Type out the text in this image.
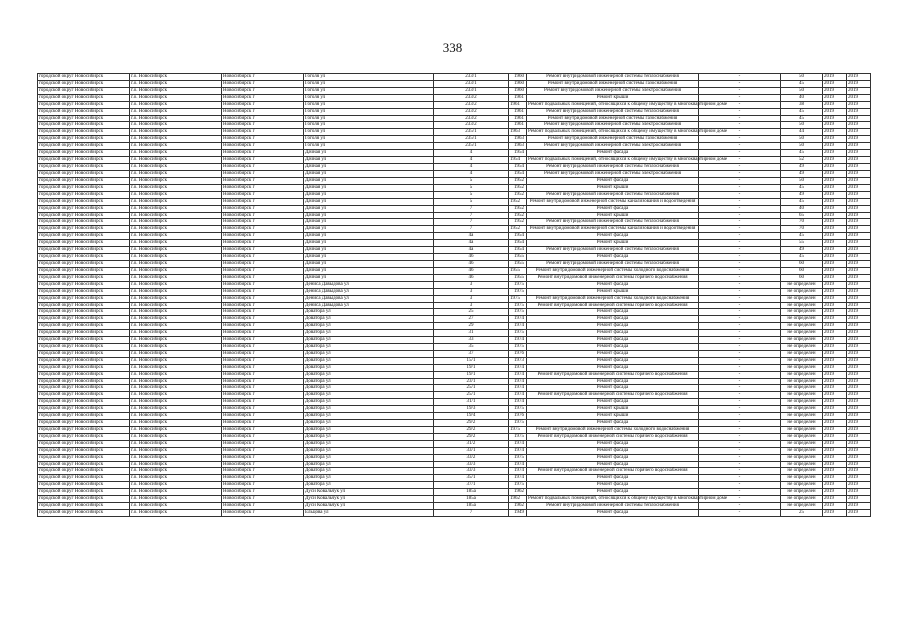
338
городской округ Новосибирск	г.о. Новосибирск	Новосибирск г	Гоголя ул	233/1	1960	Ремонт внутридомовой инженерной системы теплоснабжения	-	50	2019	2019
городской округ Новосибирск	г.о. Новосибирск	Новосибирск г	Гоголя ул	233/1	1960	Ремонт внутридомовой инженерной системы газоснабжения	-	45	2019	2019
городской округ Новосибирск	г.о. Новосибирск	Новосибирск г	Гоголя ул	233/1	1960	Ремонт внутридомовой инженерной системы электроснабжения	-	50	2019	2019
городской округ Новосибирск	г.о. Новосибирск	Новосибирск г	Гоголя ул	233/2	1961	Ремонт крыши	-	40	2019	2019
городской округ Новосибирск	г.о. Новосибирск	Новосибирск г	Гоголя ул	233/2	1961	Ремонт подвальных помещений, относящихся к общему имуществу в многоквартирном доме	-	38	2019	2019
городской округ Новосибирск	г.о. Новосибирск	Новосибирск г	Гоголя ул	233/2	1961	Ремонт внутридомовой инженерной системы теплоснабжения	-	45	2019	2019
городской округ Новосибирск	г.о. Новосибирск	Новосибирск г	Гоголя ул	233/2	1961	Ремонт внутридомовой инженерной системы газоснабжения	-	45	2019	2019
городской округ Новосибирск	г.о. Новосибирск	Новосибирск г	Гоголя ул	233/2	1961	Ремонт внутридомовой инженерной системы электроснабжения	-	50	2019	2019
городской округ Новосибирск	г.о. Новосибирск	Новосибирск г	Гоголя ул	235/1	1963	Ремонт подвальных помещений, относящихся к общему имуществу в многоквартирном доме	-	44	2019	2019
городской округ Новосибирск	г.о. Новосибирск	Новосибирск г	Гоголя ул	235/1	1963	Ремонт внутридомовой инженерной системы газоснабжения	-	50	2019	2019
городской округ Новосибирск	г.о. Новосибирск	Новосибирск г	Гоголя ул	235/1	1963	Ремонт внутридомовой инженерной системы электроснабжения	-	50	2019	2019
городской округ Новосибирск	г.о. Новосибирск	Новосибирск г	Дачная ул	4	1954	Ремонт фасада	-	45	2019	2019
городской округ Новосибирск	г.о. Новосибирск	Новосибирск г	Дачная ул	4	1954	Ремонт подвальных помещений, относящихся к общему имуществу в многоквартирном доме	-	52	2019	2019
городской округ Новосибирск	г.о. Новосибирск	Новосибирск г	Дачная ул	4	1954	Ремонт внутридомовой инженерной системы теплоснабжения	-	49	2019	2019
городской округ Новосибирск	г.о. Новосибирск	Новосибирск г	Дачная ул	4	1954	Ремонт внутридомовой инженерной системы электроснабжения	-	49	2019	2019
городской округ Новосибирск	г.о. Новосибирск	Новосибирск г	Дачная ул	5	1952	Ремонт фасада	-	50	2019	2019
городской округ Новосибирск	г.о. Новосибирск	Новосибирск г	Дачная ул	5	1952	Ремонт крыши	-	45	2019	2019
городской округ Новосибирск	г.о. Новосибирск	Новосибирск г	Дачная ул	5	1952	Ремонт внутридомовой инженерной системы теплоснабжения	-	49	2019	2019
городской округ Новосибирск	г.о. Новосибирск	Новосибирск г	Дачная ул	5	1952	Ремонт внутридомовой инженерной системы канализования и водоотведения	-	45	2019	2019
городской округ Новосибирск	г.о. Новосибирск	Новосибирск г	Дачная ул	7	1952	Ремонт фасада	-	40	2019	2019
городской округ Новосибирск	г.о. Новосибирск	Новосибирск г	Дачная ул	7	1952	Ремонт крыши	-	65	2019	2019
городской округ Новосибирск	г.о. Новосибирск	Новосибирск г	Дачная ул	7	1952	Ремонт внутридомовой инженерной системы теплоснабжения	-	70	2019	2019
городской округ Новосибирск	г.о. Новосибирск	Новосибирск г	Дачная ул	7	1952	Ремонт внутридомовой инженерной системы канализования и водоотведения	-	70	2019	2019
городской округ Новосибирск	г.о. Новосибирск	Новосибирск г	Дачная ул	4а	1954	Ремонт фасада	-	45	2019	2019
городской округ Новосибирск	г.о. Новосибирск	Новосибирск г	Дачная ул	4а	1954	Ремонт крыши	-	55	2019	2019
городской округ Новосибирск	г.о. Новосибирск	Новосибирск г	Дачная ул	4а	1954	Ремонт внутридомовой инженерной системы теплоснабжения	-	49	2019	2019
городской округ Новосибирск	г.о. Новосибирск	Новосибирск г	Дачная ул	46	1955	Ремонт фасада	-	45	2019	2019
городской округ Новосибирск	г.о. Новосибирск	Новосибирск г	Дачная ул	46	1955	Ремонт внутридомовой инженерной системы теплоснабжения	-	60	2019	2019
городской округ Новосибирск	г.о. Новосибирск	Новосибирск г	Дачная ул	46	1955	Ремонт внутридомовой инженерной системы холодного водоснабжения	-	60	2019	2019
городской округ Новосибирск	г.о. Новосибирск	Новосибирск г	Дачная ул	46	1955	Ремонт внутридомовой инженерной системы горячего водоснабжения	-	60	2019	2019
городской округ Новосибирск	г.о. Новосибирск	Новосибирск г	Дениса Давыдова ул	3	1975	Ремонт фасада	-	не определен	2019	2019
городской округ Новосибирск	г.о. Новосибирск	Новосибирск г	Дениса Давыдова ул	3	1975	Ремонт крыши	-	не определен	2019	2019
городской округ Новосибирск	г.о. Новосибирск	Новосибирск г	Дениса Давыдова ул	3	1975	Ремонт внутридомовой инженерной системы холодного водоснабжения	-	не определен	2019	2019
городской округ Новосибирск	г.о. Новосибирск	Новосибирск г	Дениса Давыдова ул	3	1975	Ремонт внутридомовой инженерной системы горячего водоснабжения	-	не определен	2019	2019
городской округ Новосибирск	г.о. Новосибирск	Новосибирск г	Доватора ул	25	1975	Ремонт фасада	-	не определен	2019	2019
городской округ Новосибирск	г.о. Новосибирск	Новосибирск г	Доватора ул	27	1974	Ремонт фасада	-	не определен	2019	2019
городской округ Новосибирск	г.о. Новосибирск	Новосибирск г	Доватора ул	29	1974	Ремонт фасада	-	не определен	2019	2019
городской округ Новосибирск	г.о. Новосибирск	Новосибирск г	Доватора ул	31	1975	Ремонт фасада	-	не определен	2019	2019
городской округ Новосибирск	г.о. Новосибирск	Новосибирск г	Доватора ул	33	1974	Ремонт фасада	-	не определен	2019	2019
городской округ Новосибирск	г.о. Новосибирск	Новосибирск г	Доватора ул	35	1975	Ремонт фасада	-	не определен	2019	2019
городской округ Новосибирск	г.о. Новосибирск	Новосибирск г	Доватора ул	37	1976	Ремонт фасада	-	не определен	2019	2019
городской округ Новосибирск	г.о. Новосибирск	Новосибирск г	Доватора ул	15/1	1973	Ремонт фасада	-	не определен	2019	2019
городской округ Новосибирск	г.о. Новосибирск	Новосибирск г	Доватора ул	19/1	1974	Ремонт фасада	-	не определен	2019	2019
городской округ Новосибирск	г.о. Новосибирск	Новосибирск г	Доватора ул	19/1	1974	Ремонт внутридомовой инженерной системы горячего водоснабжения	-	не определен	2019	2019
городской округ Новосибирск	г.о. Новосибирск	Новосибирск г	Доватора ул	23/1	1974	Ремонт фасада	-	не определен	2019	2019
городской округ Новосибирск	г.о. Новосибирск	Новосибирск г	Доватора ул	25/1	1974	Ремонт фасада	-	не определен	2019	2019
городской округ Новосибирск	г.о. Новосибирск	Новосибирск г	Доватора ул	25/1	1974	Ремонт внутридомовой инженерной системы горячего водоснабжения	-	не определен	2019	2019
городской округ Новосибирск	г.о. Новосибирск	Новосибирск г	Доватора ул	31/1	1974	Ремонт фасада	-	не определен	2019	2019
городской округ Новосибирск	г.о. Новосибирск	Новосибирск г	Доватора ул	19/3	1975	Ремонт крыши	-	не определен	2019	2019
городской округ Новосибирск	г.о. Новосибирск	Новосибирск г	Доватора ул	19/4	1976	Ремонт крыши	-	не определен	2019	2019
городской округ Новосибирск	г.о. Новосибирск	Новосибирск г	Доватора ул	29/2	1975	Ремонт фасада	-	не определен	2019	2019
городской округ Новосибирск	г.о. Новосибирск	Новосибирск г	Доватора ул	29/2	1975	Ремонт внутридомовой инженерной системы холодного водоснабжения	-	не определен	2019	2019
городской округ Новосибирск	г.о. Новосибирск	Новосибирск г	Доватора ул	29/2	1975	Ремонт внутридомовой инженерной системы горячего водоснабжения	-	не определен	2019	2019
городской округ Новосибирск	г.о. Новосибирск	Новосибирск г	Доватора ул	31/2	1974	Ремонт фасада	-	не определен	2019	2019
городской округ Новосибирск	г.о. Новосибирск	Новосибирск г	Доватора ул	33/1	1974	Ремонт фасада	-	не определен	2019	2019
городской округ Новосибирск	г.о. Новосибирск	Новосибирск г	Доватора ул	33/2	1975	Ремонт фасада	-	не определен	2019	2019
городской округ Новосибирск	г.о. Новосибирск	Новосибирск г	Доватора ул	33/3	1974	Ремонт фасада	-	не определен	2019	2019
городской округ Новосибирск	г.о. Новосибирск	Новосибирск г	Доватора ул	33/3	1974	Ремонт внутридомовой инженерной системы горячего водоснабжения	-	не определен	2019	2019
городской округ Новосибирск	г.о. Новосибирск	Новосибирск г	Доватора ул	35/1	1974	Ремонт фасада	-	не определен	2019	2019
городской округ Новосибирск	г.о. Новосибирск	Новосибирск г	Доватора ул	37/1	1975	Ремонт фасада	-	не определен	2019	2019
городской округ Новосибирск	г.о. Новосибирск	Новосибирск г	Дуси Ковальчук ул	185а	1962	Ремонт фасада	-	не определен	2019	2019
городской округ Новосибирск	г.о. Новосибирск	Новосибирск г	Дуси Ковальчук ул	185а	1962	Ремонт подвальных помещений, относящихся к общему имуществу в многоквартирном доме	-	не определен	2019	2019
городской округ Новосибирск	г.о. Новосибирск	Новосибирск г	Дуси Ковальчук ул	185а	1962	Ремонт внутридомовой инженерной системы теплоснабжения	-	не определен	2019	2019
городской округ Новосибирск	г.о. Новосибирск	Новосибирск г	Ельцова ул	7	1949	Ремонт фасада	-	25	2019	2019
